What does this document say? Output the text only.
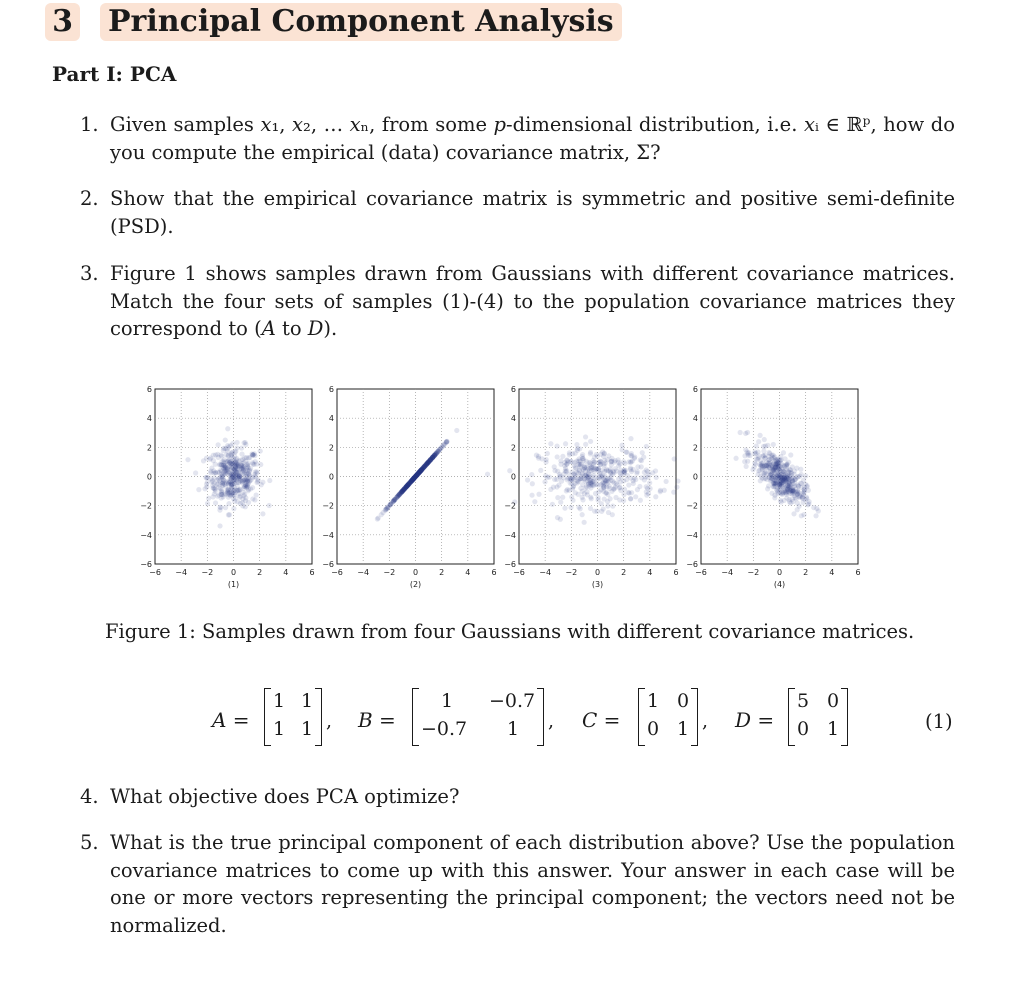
3 Principal Component Analysis
Part I: PCA
1. Given samples 𝑥₁, 𝑥₂, … 𝑥ₙ, from some 𝑝-dimensional distribution, i.e. 𝑥ᵢ ∈ ℝᵖ, how do you compute the empirical (data) covariance matrix, Σ?
2. Show that the empirical covariance matrix is symmetric and positive semi-definite (PSD).
3. Figure 1 shows samples drawn from Gaussians with different covariance matrices. Match the four sets of samples (1)-(4) to the population covariance matrices they correspond to (𝐴 to 𝐷).
−6
6
−4
4
−2
2
0
0
2
−2
4
−4
6
−6
(1)
−6
6
−4
4
−2
2
0
0
2
−2
4
−4
6
−6
(2)
−6
6
−4
4
−2
2
0
0
2
−2
4
−4
6
−6
(3)
−6
6
−4
4
−2
2
0
0
2
−2
4
−4
6
−6
(4)
Figure 1: Samples drawn from four Gaussians with different covariance matrices.
A =
1 1
1 1 , B =
1 −0.7
−0.7 1 , C =
1 0
0 1 , D =
5 0
0 1	(1)
4. What objective does PCA optimize?
5. What is the true principal component of each distribution above? Use the population covariance matrices to come up with this answer. Your answer in each case will be one or more vectors representing the principal component; the vectors need not be normalized.
